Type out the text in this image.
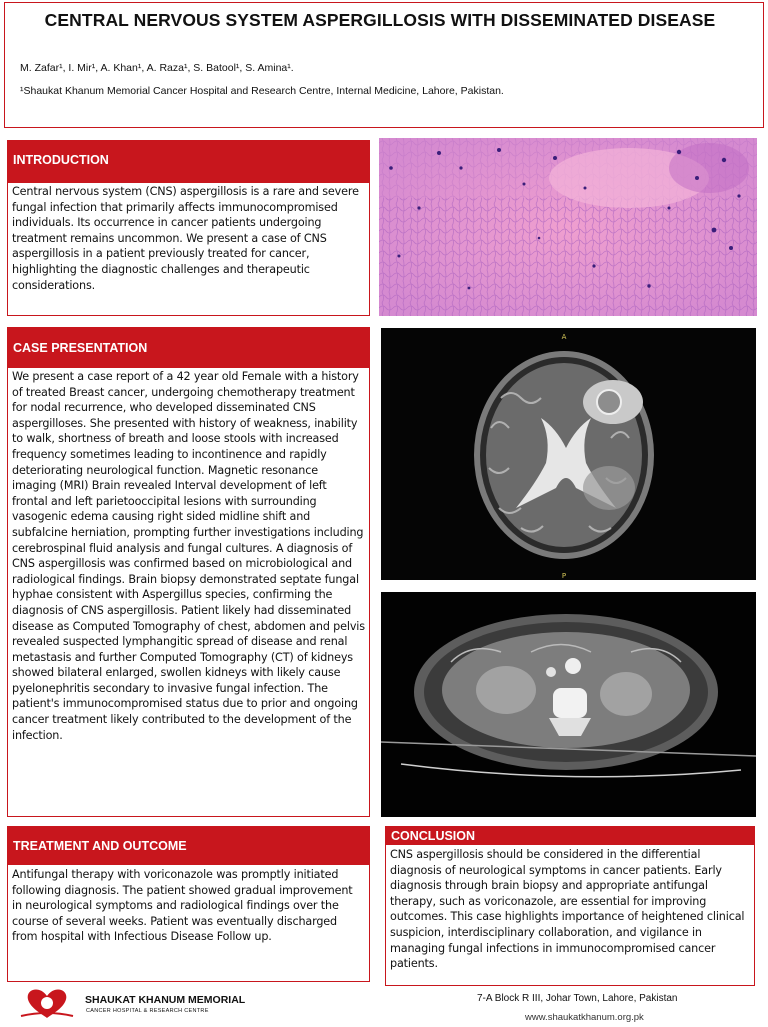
CENTRAL NERVOUS SYSTEM ASPERGILLOSIS WITH DISSEMINATED DISEASE
M. Zafar¹, I. Mir¹, A. Khan¹, A. Raza¹, S. Batool¹, S. Amina¹.
¹Shaukat Khanum Memorial Cancer Hospital and Research Centre, Internal Medicine, Lahore, Pakistan.
INTRODUCTION
Central nervous system (CNS) aspergillosis is a rare and severe fungal infection that primarily affects immunocompromised individuals. Its occurrence in cancer patients undergoing treatment remains uncommon. We present a case of CNS aspergillosis in a patient previously treated for cancer, highlighting the diagnostic challenges and therapeutic considerations.
CASE PRESENTATION
We present a case report of a 42 year old Female with a history of treated Breast cancer, undergoing chemotherapy treatment for nodal recurrence, who developed disseminated CNS aspergilloses. She presented with history of weakness, inability to walk, shortness of breath and loose stools with increased frequency sometimes leading to incontinence and rapidly deteriorating neurological function. Magnetic resonance imaging (MRI) Brain revealed Interval development of left frontal and left parietooccipital lesions with surrounding vasogenic edema causing right sided midline shift and subfalcine herniation, prompting further investigations including cerebrospinal fluid analysis and fungal cultures. A diagnosis of CNS aspergillosis was confirmed based on microbiological and radiological findings. Brain biopsy demonstrated septate fungal hyphae consistent with Aspergillus species, confirming the diagnosis of CNS aspergillosis. Patient likely had disseminated disease as Computed Tomography of chest, abdomen and pelvis revealed suspected lymphangitic spread of disease and renal metastasis and further Computed Tomography (CT) of kidneys showed bilateral enlarged, swollen kidneys with likely cause pyelonephritis secondary to invasive fungal infection. The patient's immunocompromised status due to prior and ongoing cancer treatment likely contributed to the development of the infection.
A
P
TREATMENT AND OUTCOME
Antifungal therapy with voriconazole was promptly initiated following diagnosis. The patient showed gradual improvement in neurological symptoms and radiological findings over the course of several weeks. Patient was eventually discharged from hospital with Infectious Disease Follow up.
CONCLUSION
CNS aspergillosis should be considered in the differential diagnosis of neurological symptoms in cancer patients. Early diagnosis through brain biopsy and appropriate antifungal therapy, such as voriconazole, are essential for improving outcomes. This case highlights importance of heightened clinical suspicion, interdisciplinary collaboration, and vigilance in managing fungal infections in immunocompromised cancer patients.
SHAUKAT KHANUM MEMORIAL
CANCER HOSPITAL & RESEARCH CENTRE
7-A Block R III, Johar Town, Lahore, Pakistan
www.shaukatkhanum.org.pk
